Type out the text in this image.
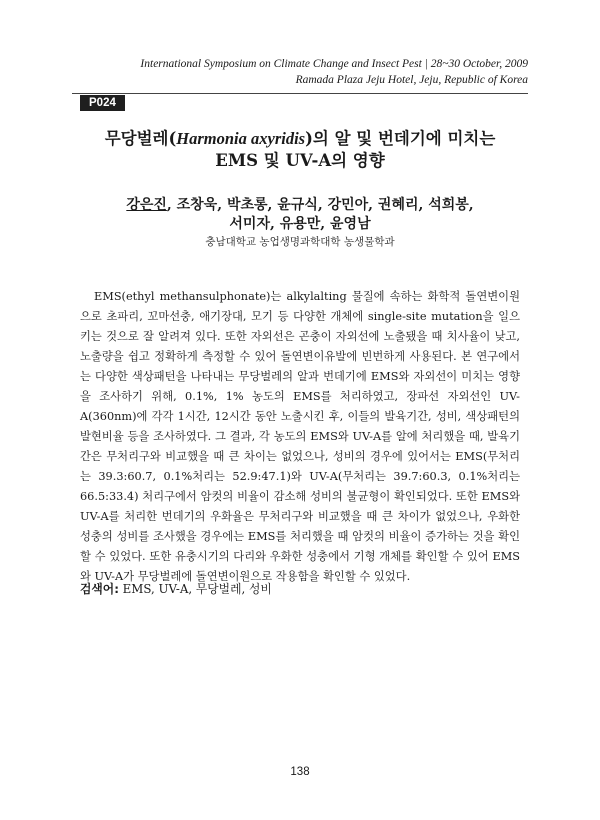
International Symposium on Climate Change and Insect Pest | 28~30 October, 2009
Ramada Plaza Jeju Hotel, Jeju, Republic of Korea
P024
무당벌레(Harmonia axyridis)의 알 및 번데기에 미치는
EMS 및 UV-A의 영향
강은진, 조창욱, 박초롱, 윤규식, 강민아, 권혜리, 석희봉,
서미자, 유용만, 윤영남
충남대학교 농업생명과학대학 농생물학과

EMS(ethyl methansulphonate)는 alkylalting 물질에 속하는 화학적 돌연변이원으로 초파리, 꼬마선충, 애기장대, 모기 등 다양한 개체에 single-site mutation을 일으키는 것으로 잘 알려져 있다. 또한 자외선은 곤충이 자외선에 노출됐을 때 치사율이 낮고, 노출량을 쉽고 정확하게 측정할 수 있어 돌연변이유발에 빈번하게 사용된다. 본 연구에서는 다양한 색상패턴을 나타내는 무당벌레의 알과 번데기에 EMS와 자외선이 미치는 영향을 조사하기 위해, 0.1%, 1% 농도의 EMS를 처리하였고, 장파선 자외선인 UV-A(360nm)에 각각 1시간, 12시간 동안 노출시킨 후, 이들의 발육기간, 성비, 색상패턴의 발현비율 등을 조사하였다. 그 결과, 각 농도의 EMS와 UV-A를 알에 처리했을 때, 발육기간은 무처리구와 비교했을 때 큰 차이는 없었으나, 성비의 경우에 있어서는 EMS(무처리는 39.3:60.7, 0.1%처리는 52.9:47.1)와 UV-A(무처리는 39.7:60.3, 0.1%처리는 66.5:33.4) 처리구에서 암컷의 비율이 감소해 성비의 불균형이 확인되었다. 또한 EMS와 UV-A를 처리한 번데기의 우화율은 무처리구와 비교했을 때 큰 차이가 없었으나, 우화한 성충의 성비를 조사했을 경우에는 EMS를 처리했을 때 암컷의 비율이 증가하는 것을 확인할 수 있었다. 또한 유충시기의 다리와 우화한 성충에서 기형 개체를 확인할 수 있어 EMS와 UV-A가 무당벌레에 돌연변이원으로 작용함을 확인할 수 있었다.

검색어: EMS, UV-A, 무당벌레, 성비
138
